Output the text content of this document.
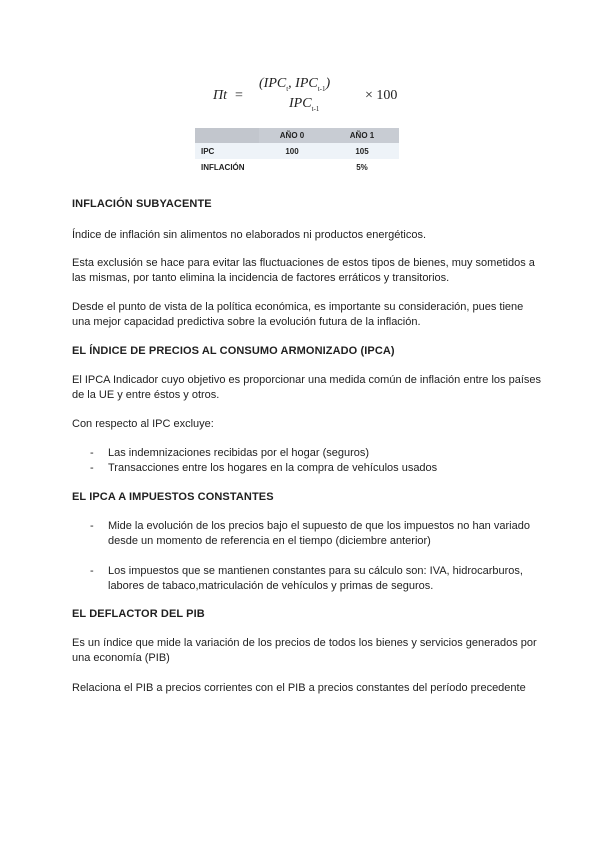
Πt =
($IPC_t$, $IPC_{t-1}$)
$IPC_{t-1}$
× 100
	AÑO 0	AÑO 1
IPC	100	105
INFLACIÓN		5%

INFLACIÓN SUBYACENTE

Índice de inflación sin alimentos no elaborados ni productos energéticos.

Esta exclusión se hace para evitar las fluctuaciones de estos tipos de bienes, muy sometidos a las mismas, por tanto elimina la incidencia de factores erráticos y transitorios.

Desde el punto de vista de la política económica, es importante su consideración, pues tiene una mejor capacidad predictiva sobre la evolución futura de la inflación.

EL ÍNDICE DE PRECIOS AL CONSUMO ARMONIZADO (IPCA)

El IPCA Indicador cuyo objetivo es proporcionar una medida común de inflación entre los países de la UE y entre éstos y otros.

Con respecto al IPC excluye:

- Las indemnizaciones recibidas por el hogar (seguros)
- Transacciones entre los hogares en la compra de vehículos usados

EL IPCA A IMPUESTOS CONSTANTES

- Mide la evolución de los precios bajo el supuesto de que los impuestos no han variado desde un momento de referencia en el tiempo (diciembre anterior)
- Los impuestos que se mantienen constantes para su cálculo son: IVA, hidrocarburos, labores de tabaco,matriculación de vehículos y primas de seguros.

EL DEFLACTOR DEL PIB

Es un índice que mide la variación de los precios de todos los bienes y servicios generados por una economía (PIB)

Relaciona el PIB a precios corrientes con el PIB a precios constantes del período precedente
